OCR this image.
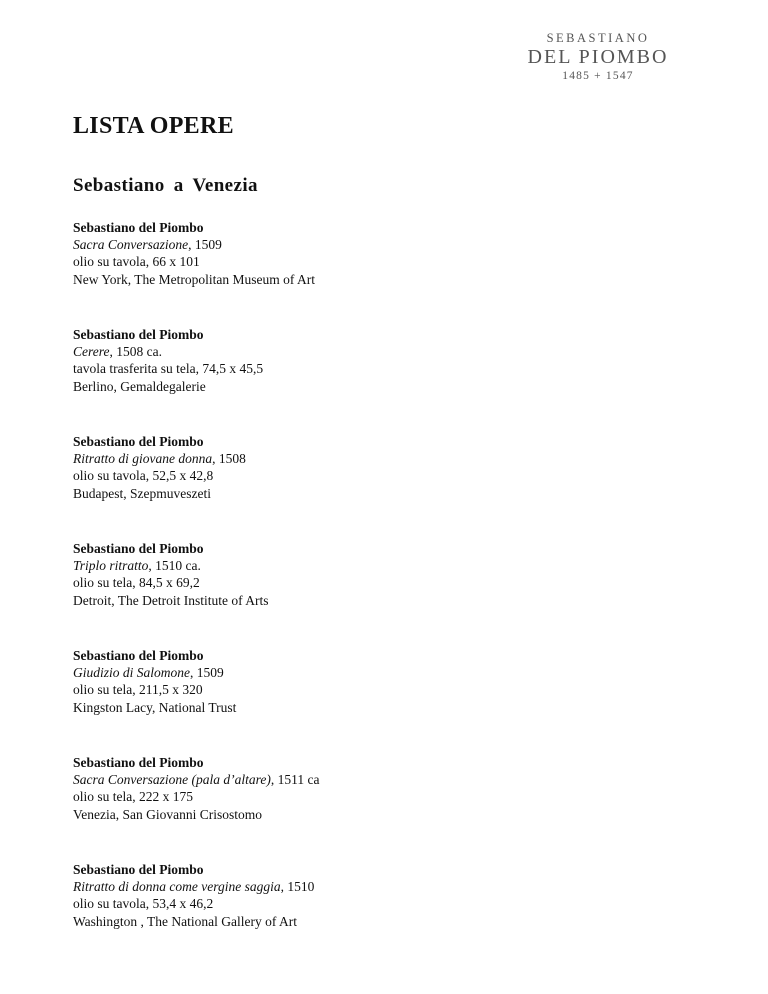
SEBASTIANO
DEL PIOMBO
1485 + 1547
LISTA OPERE
Sebastiano a Venezia
Sebastiano del Piombo
Sacra Conversazione, 1509
olio su tavola, 66 x 101
New York, The Metropolitan Museum of Art
Sebastiano del Piombo
Cerere, 1508 ca.
tavola trasferita su tela, 74,5 x 45,5
Berlino, Gemaldegalerie
Sebastiano del Piombo
Ritratto di giovane donna, 1508
olio su tavola, 52,5 x 42,8
Budapest, Szepmuveszeti
Sebastiano del Piombo
Triplo ritratto, 1510 ca.
olio su tela, 84,5 x 69,2
Detroit, The Detroit Institute of Arts
Sebastiano del Piombo
Giudizio di Salomone, 1509
olio su tela, 211,5 x 320
Kingston Lacy, National Trust
Sebastiano del Piombo
Sacra Conversazione (pala d’altare), 1511 ca
olio su tela, 222 x 175
Venezia, San Giovanni Crisostomo
Sebastiano del Piombo
Ritratto di donna come vergine saggia, 1510
olio su tavola, 53,4 x 46,2
Washington , The National Gallery of Art
